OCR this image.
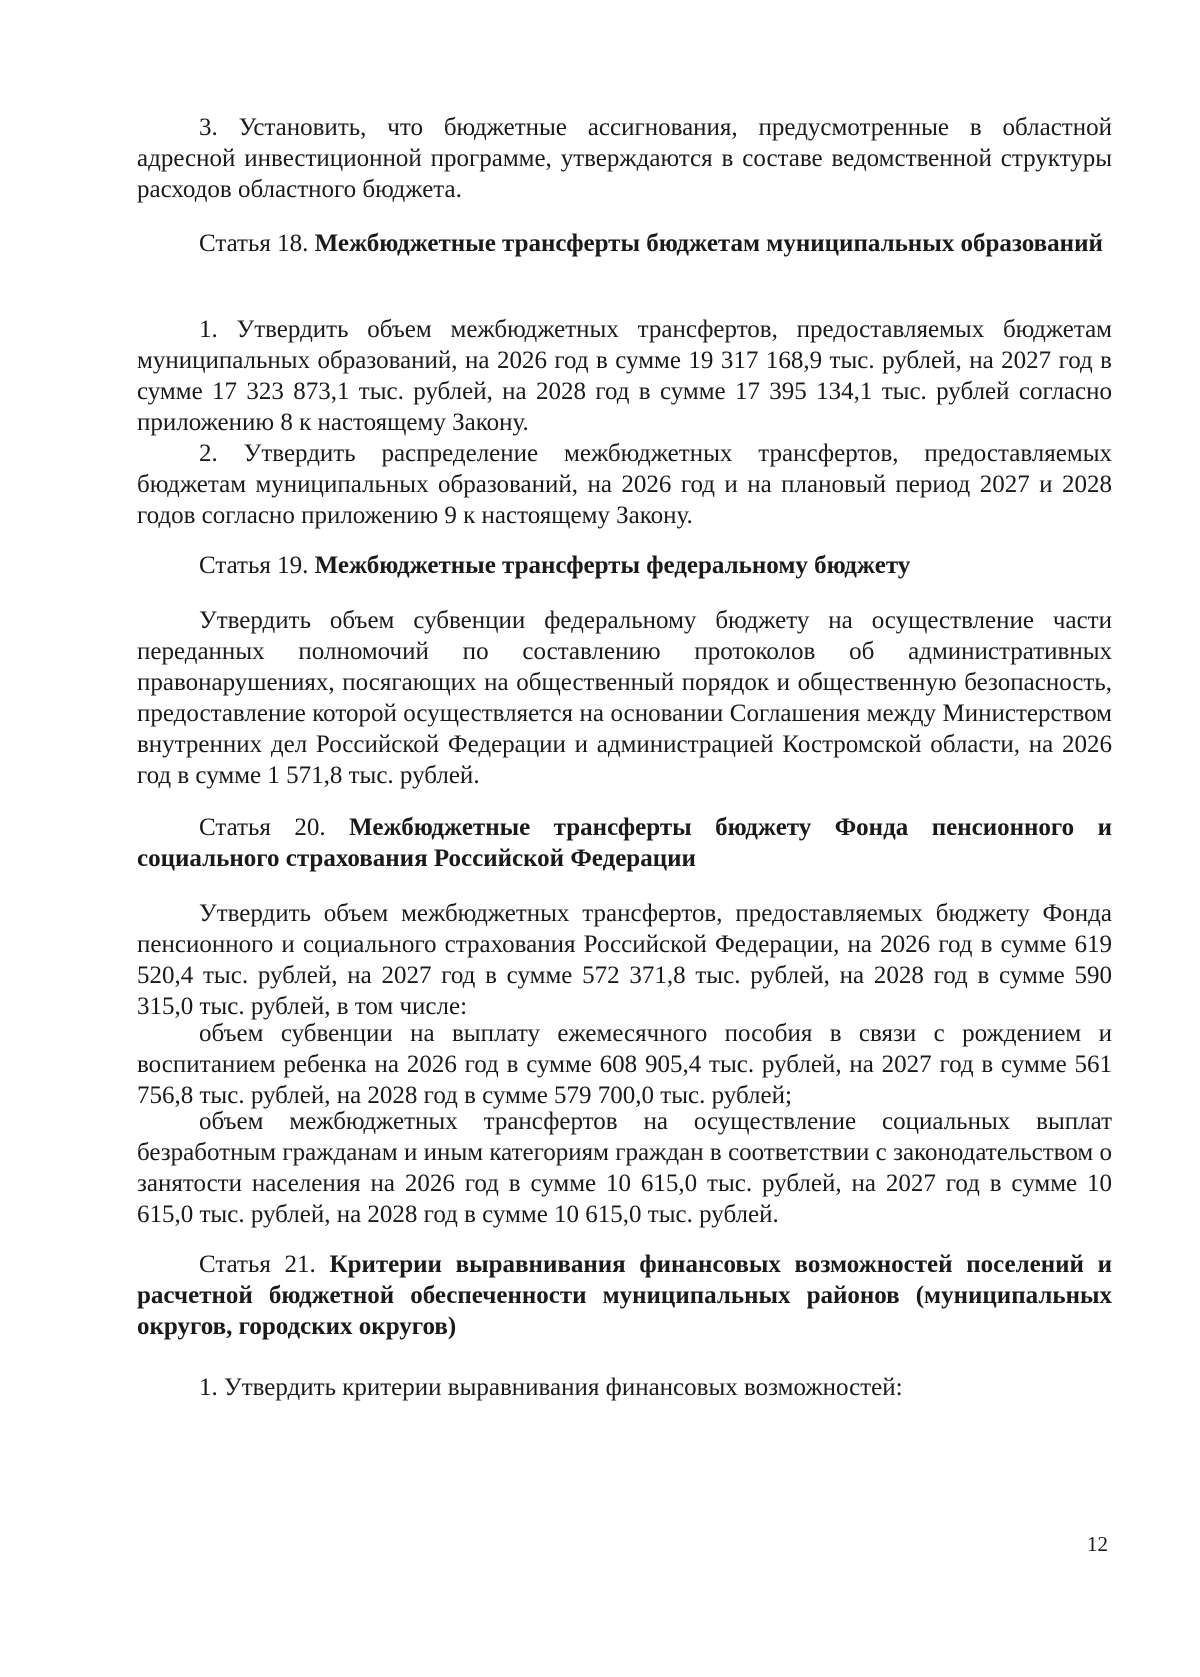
3. Установить, что бюджетные ассигнования, предусмотренные в областной адресной инвестиционной программе, утверждаются в составе ведомственной структуры расходов областного бюджета.
Статья 18. Межбюджетные трансферты бюджетам муниципальных образований
1. Утвердить объем межбюджетных трансфертов, предоставляемых бюджетам муниципальных образований, на 2026 год в сумме 19 317 168,9 тыс. рублей, на 2027 год в сумме 17 323 873,1 тыс. рублей, на 2028 год в сумме 17 395 134,1 тыс. рублей согласно приложению 8 к настоящему Закону.
2. Утвердить распределение межбюджетных трансфертов, предоставляемых бюджетам муниципальных образований, на 2026 год и на плановый период 2027 и 2028 годов согласно приложению 9 к настоящему Закону.
Статья 19. Межбюджетные трансферты федеральному бюджету
Утвердить объем субвенции федеральному бюджету на осуществление части переданных полномочий по составлению протоколов об административных правонарушениях, посягающих на общественный порядок и общественную безопасность, предоставление которой осуществляется на основании Соглашения между Министерством внутренних дел Российской Федерации и администрацией Костромской области, на 2026 год в сумме 1 571,8 тыс. рублей.
Статья 20. Межбюджетные трансферты бюджету Фонда пенсионного и социального страхования Российской Федерации
Утвердить объем межбюджетных трансфертов, предоставляемых бюджету Фонда пенсионного и социального страхования Российской Федерации, на 2026 год в сумме 619 520,4 тыс. рублей, на 2027 год в сумме 572 371,8 тыс. рублей, на 2028 год в сумме 590 315,0 тыс. рублей, в том числе:
объем субвенции на выплату ежемесячного пособия в связи с рождением и воспитанием ребенка на 2026 год в сумме 608 905,4 тыс. рублей, на 2027 год в сумме 561 756,8 тыс. рублей, на 2028 год в сумме 579 700,0 тыс. рублей;
объем межбюджетных трансфертов на осуществление социальных выплат безработным гражданам и иным категориям граждан в соответствии с законодательством о занятости населения на 2026 год в сумме 10 615,0 тыс. рублей, на 2027 год в сумме 10 615,0 тыс. рублей, на 2028 год в сумме 10 615,0 тыс. рублей.
Статья 21. Критерии выравнивания финансовых возможностей поселений и расчетной бюджетной обеспеченности муниципальных районов (муниципальных округов, городских округов)
1. Утвердить критерии выравнивания финансовых возможностей:
12
